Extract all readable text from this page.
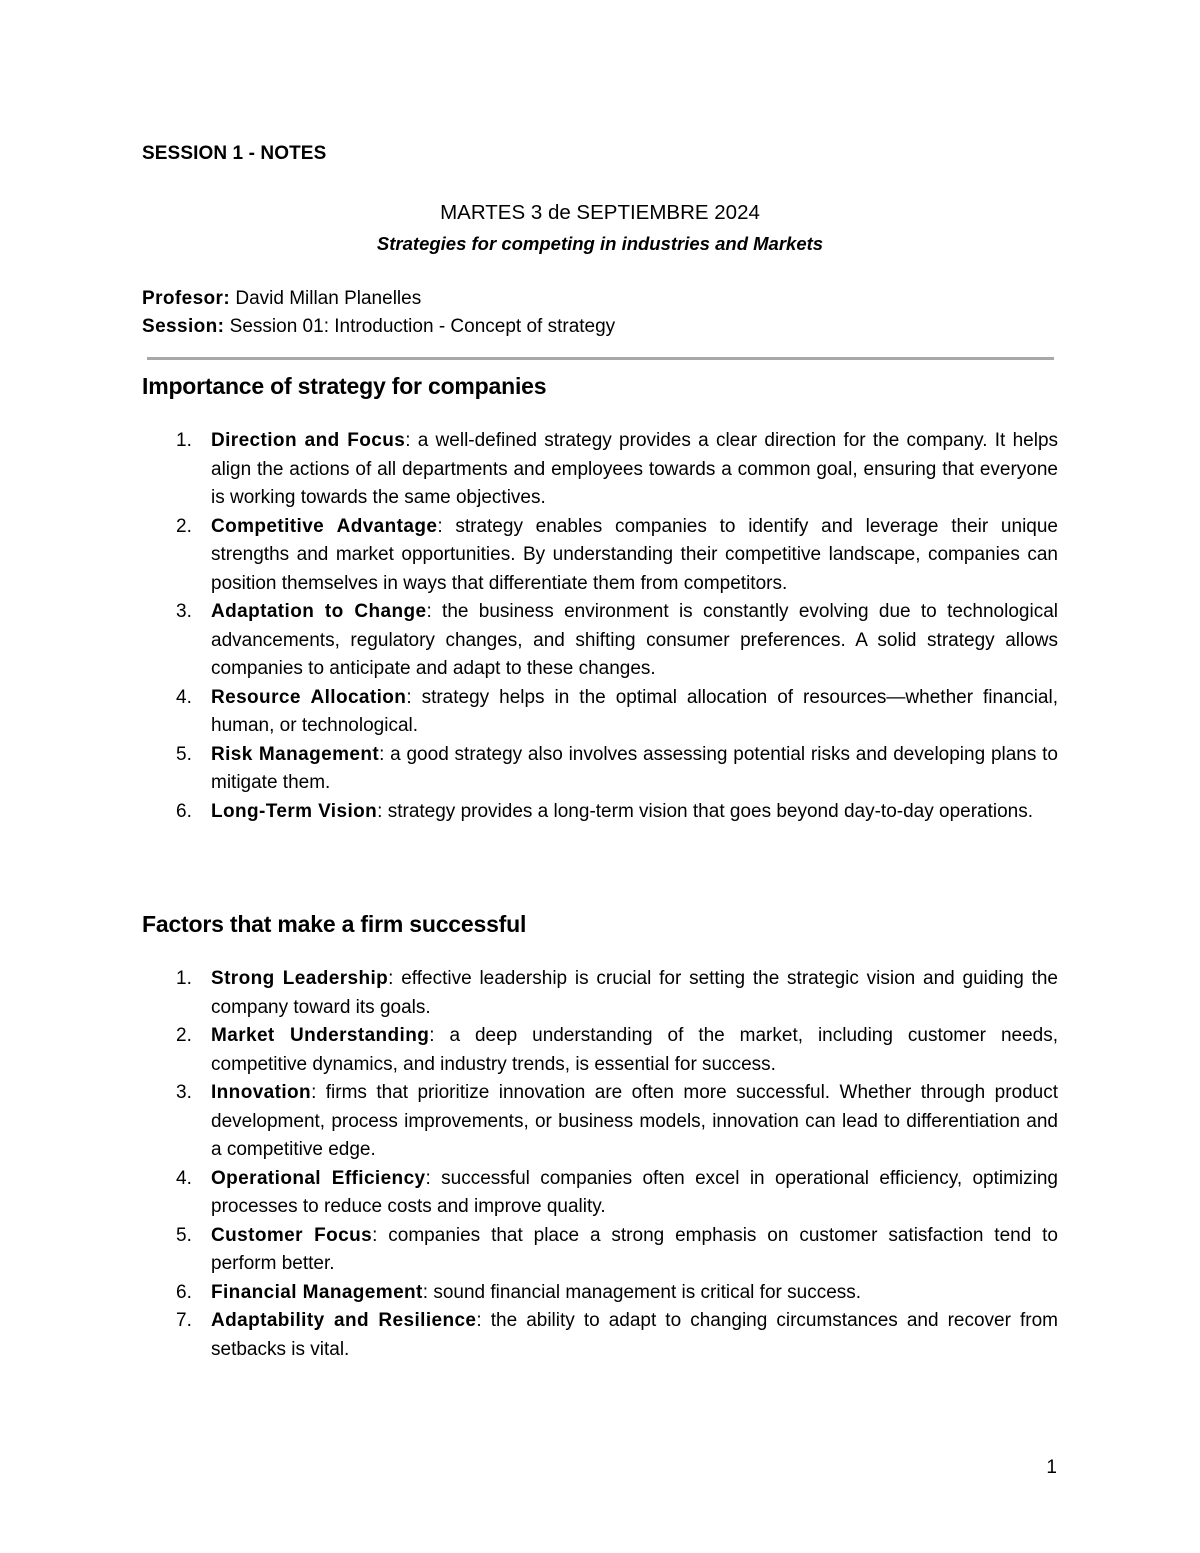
SESSION 1 - NOTES
MARTES 3 de SEPTIEMBRE 2024
Strategies for competing in industries and Markets
Profesor: David Millan Planelles
Session: Session 01: Introduction - Concept of strategy
Importance of strategy for companies
1. Direction and Focus: a well-defined strategy provides a clear direction for the company. It helps align the actions of all departments and employees towards a common goal, ensuring that everyone is working towards the same objectives.
2. Competitive Advantage: strategy enables companies to identify and leverage their unique strengths and market opportunities. By understanding their competitive landscape, companies can position themselves in ways that differentiate them from competitors.
3. Adaptation to Change: the business environment is constantly evolving due to technological advancements, regulatory changes, and shifting consumer preferences. A solid strategy allows companies to anticipate and adapt to these changes.
4. Resource Allocation: strategy helps in the optimal allocation of resources—whether financial, human, or technological.
5. Risk Management: a good strategy also involves assessing potential risks and developing plans to mitigate them.
6. Long-Term Vision: strategy provides a long-term vision that goes beyond day-to-day operations.
Factors that make a firm successful
1. Strong Leadership: effective leadership is crucial for setting the strategic vision and guiding the company toward its goals.
2. Market Understanding: a deep understanding of the market, including customer needs, competitive dynamics, and industry trends, is essential for success.
3. Innovation: firms that prioritize innovation are often more successful. Whether through product development, process improvements, or business models, innovation can lead to differentiation and a competitive edge.
4. Operational Efficiency: successful companies often excel in operational efficiency, optimizing processes to reduce costs and improve quality.
5. Customer Focus: companies that place a strong emphasis on customer satisfaction tend to perform better.
6. Financial Management: sound financial management is critical for success.
7. Adaptability and Resilience: the ability to adapt to changing circumstances and recover from setbacks is vital.
1
